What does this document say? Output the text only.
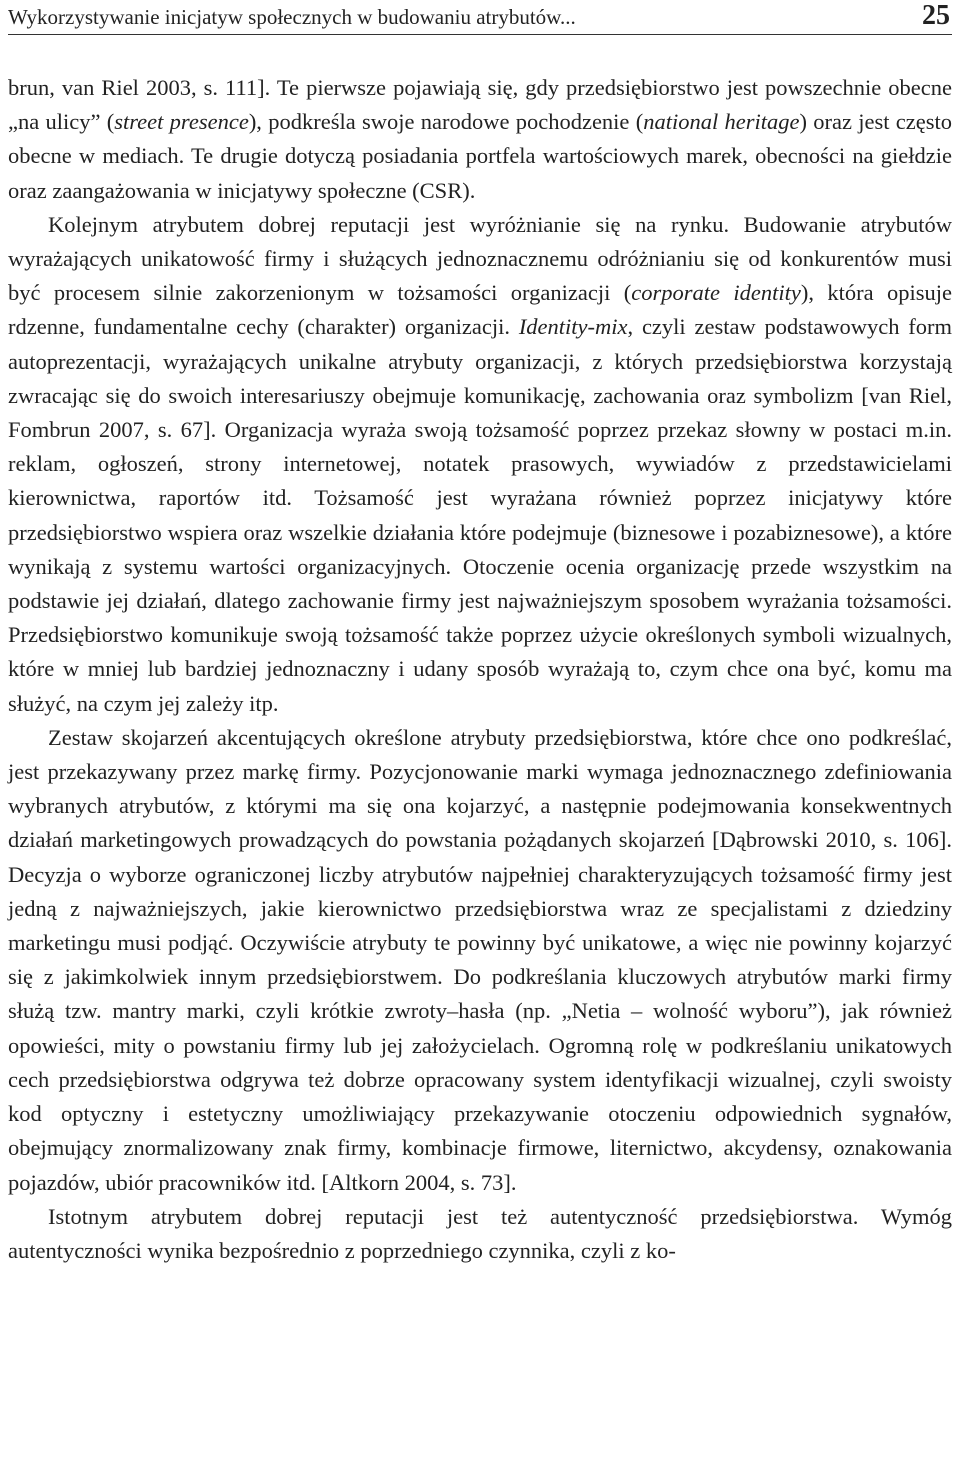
Wykorzystywanie inicjatyw społecznych w budowaniu atrybutów...	25

brun, van Riel 2003, s. 111]. Te pierwsze pojawiają się, gdy przedsiębiorstwo jest powszechnie obecne „na ulicy” (street presence), podkreśla swoje narodowe pochodzenie (national heritage) oraz jest często obecne w mediach. Te drugie dotyczą posiadania portfela wartościowych marek, obecności na giełdzie oraz zaangażowania w inicjatywy społeczne (CSR).

Kolejnym atrybutem dobrej reputacji jest wyróżnianie się na rynku. Budowanie atrybutów wyrażających unikatowość firmy i służących jednoznacznemu odróżnianiu się od konkurentów musi być procesem silnie zakorzenionym w tożsamości organizacji (corporate identity), która opisuje rdzenne, fundamentalne cechy (charakter) organizacji. Identity-mix, czyli zestaw podstawowych form autoprezentacji, wyrażających unikalne atrybuty organizacji, z których przedsiębiorstwa korzystają zwracając się do swoich interesariuszy obejmuje komunikację, zachowania oraz symbolizm [van Riel, Fombrun 2007, s. 67]. Organizacja wyraża swoją tożsamość poprzez przekaz słowny w postaci m.in. reklam, ogłoszeń, strony internetowej, notatek prasowych, wywiadów z przedstawicielami kierownictwa, raportów itd. Tożsamość jest wyrażana również poprzez inicjatywy które przedsiębiorstwo wspiera oraz wszelkie działania które podejmuje (biznesowe i pozabiznesowe), a które wynikają z systemu wartości organizacyjnych. Otoczenie ocenia organizację przede wszystkim na podstawie jej działań, dlatego zachowanie firmy jest najważniejszym sposobem wyrażania tożsamości. Przedsiębiorstwo komunikuje swoją tożsamość także poprzez użycie określonych symboli wizualnych, które w mniej lub bardziej jednoznaczny i udany sposób wyrażają to, czym chce ona być, komu ma służyć, na czym jej zależy itp.

Zestaw skojarzeń akcentujących określone atrybuty przedsiębiorstwa, które chce ono podkreślać, jest przekazywany przez markę firmy. Pozycjonowanie marki wymaga jednoznacznego zdefiniowania wybranych atrybutów, z którymi ma się ona kojarzyć, a następnie podejmowania konsekwentnych działań marketingowych prowadzących do powstania pożądanych skojarzeń [Dąbrowski 2010, s. 106]. Decyzja o wyborze ograniczonej liczby atrybutów najpełniej charakteryzujących tożsamość firmy jest jedną z najważniejszych, jakie kierownictwo przedsiębiorstwa wraz ze specjalistami z dziedziny marketingu musi podjąć. Oczywiście atrybuty te powinny być unikatowe, a więc nie powinny kojarzyć się z jakimkolwiek innym przedsiębiorstwem. Do podkreślania kluczowych atrybutów marki firmy służą tzw. mantry marki, czyli krótkie zwroty–hasła (np. „Netia – wolność wyboru”), jak również opowieści, mity o powstaniu firmy lub jej założycielach. Ogromną rolę w podkreślaniu unikatowych cech przedsiębiorstwa odgrywa też dobrze opracowany system identyfikacji wizualnej, czyli swoisty kod optyczny i estetyczny umożliwiający przekazywanie otoczeniu odpowiednich sygnałów, obejmujący znormalizowany znak firmy, kombinacje firmowe, liternictwo, akcydensy, oznakowania pojazdów, ubiór pracowników itd. [Altkorn 2004, s. 73].

Istotnym atrybutem dobrej reputacji jest też autentyczność przedsiębiorstwa. Wymóg autentyczności wynika bezpośrednio z poprzedniego czynnika, czyli z ko-
